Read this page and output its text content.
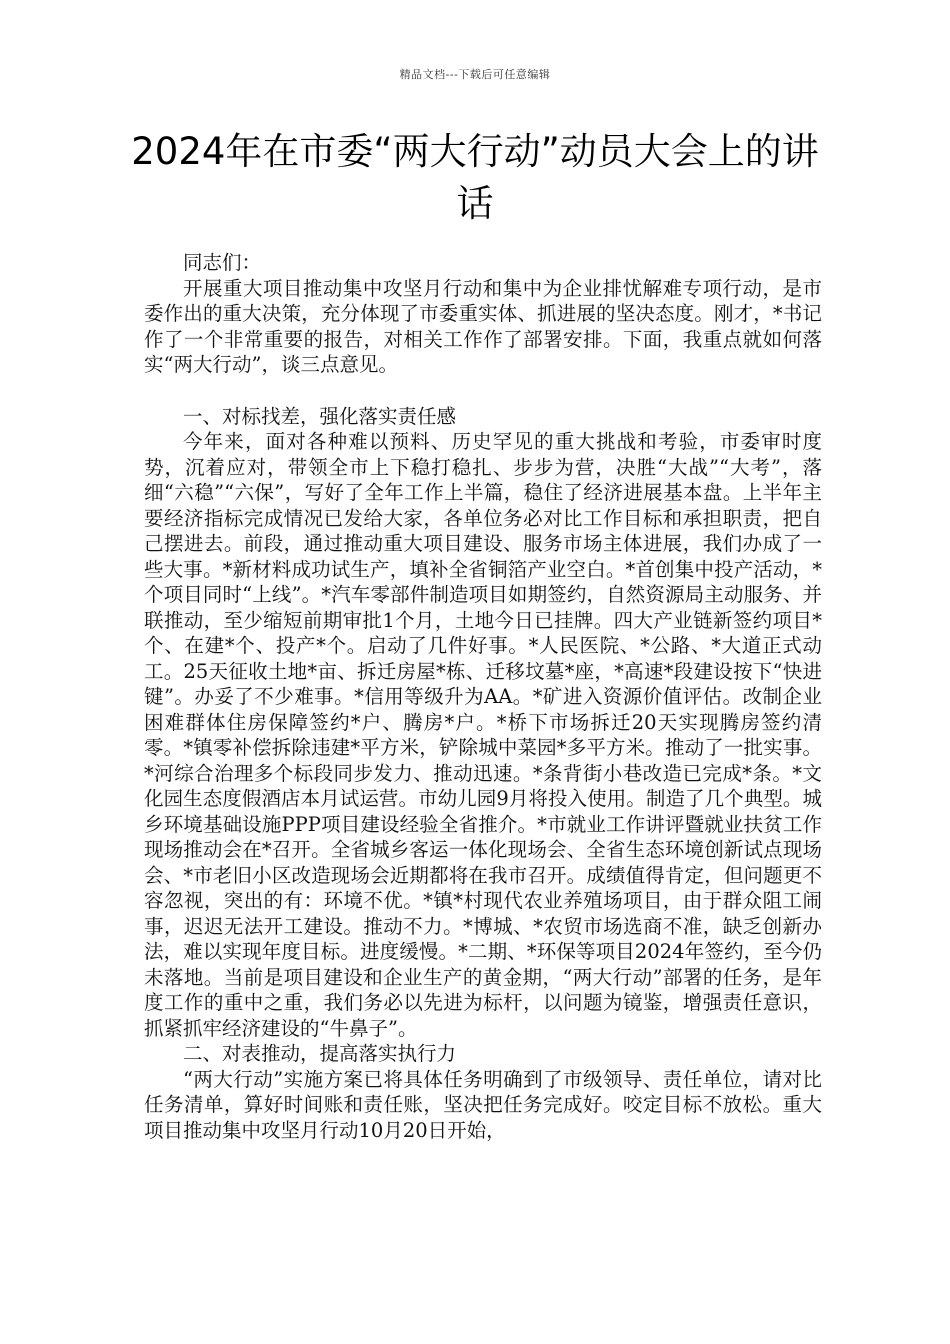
精品文档---下载后可任意编辑
2024年在市委“两大行动”动员大会上的讲话

同志们：

开展重大项目推动集中攻坚月行动和集中为企业排忧解难专项行动，是市委作出的重大决策，充分体现了市委重实体、抓进展的坚决态度。刚才，*书记作了一个非常重要的报告，对相关工作作了部署安排。下面，我重点就如何落实“两大行动”，谈三点意见。

一、对标找差，强化落实责任感

今年来，面对各种难以预料、历史罕见的重大挑战和考验，市委审时度势，沉着应对，带领全市上下稳打稳扎、步步为营，决胜“大战”“大考”，落细“六稳”“六保”，写好了全年工作上半篇，稳住了经济进展基本盘。上半年主要经济指标完成情况已发给大家，各单位务必对比工作目标和承担职责，把自己摆进去。前段，通过推动重大项目建设、服务市场主体进展，我们办成了一些大事。*新材料成功试生产，填补全省铜箔产业空白。*首创集中投产活动，*个项目同时“上线”。*汽车零部件制造项目如期签约，自然资源局主动服务、并联推动，至少缩短前期审批1个月，土地今日已挂牌。四大产业链新签约项目*个、在建*个、投产*个。启动了几件好事。*人民医院、*公路、*大道正式动工。25天征收土地*亩、拆迁房屋*栋、迁移坟墓*座，*高速*段建设按下“快进键”。办妥了不少难事。*信用等级升为AA。*矿进入资源价值评估。改制企业困难群体住房保障签约*户、腾房*户。*桥下市场拆迁20天实现腾房签约清零。*镇零补偿拆除违建*平方米，铲除城中菜园*多平方米。推动了一批实事。*河综合治理多个标段同步发力、推动迅速。*条背街小巷改造已完成*条。*文化园生态度假酒店本月试运营。市幼儿园9月将投入使用。制造了几个典型。城乡环境基础设施PPP项目建设经验全省推介。*市就业工作讲评暨就业扶贫工作现场推动会在*召开。全省城乡客运一体化现场会、全省生态环境创新试点现场会、*市老旧小区改造现场会近期都将在我市召开。成绩值得肯定，但问题更不容忽视，突出的有：环境不优。*镇*村现代农业养殖场项目，由于群众阻工闹事，迟迟无法开工建设。推动不力。*博城、*农贸市场选商不准，缺乏创新办法，难以实现年度目标。进度缓慢。*二期、*环保等项目2024年签约，至今仍未落地。当前是项目建设和企业生产的黄金期，“两大行动”部署的任务，是年度工作的重中之重，我们务必以先进为标杆，以问题为镜鉴，增强责任意识，抓紧抓牢经济建设的“牛鼻子”。

二、对表推动，提高落实执行力

“两大行动”实施方案已将具体任务明确到了市级领导、责任单位，请对比任务清单，算好时间账和责任账，坚决把任务完成好。咬定目标不放松。重大项目推动集中攻坚月行动10月20日开始，
